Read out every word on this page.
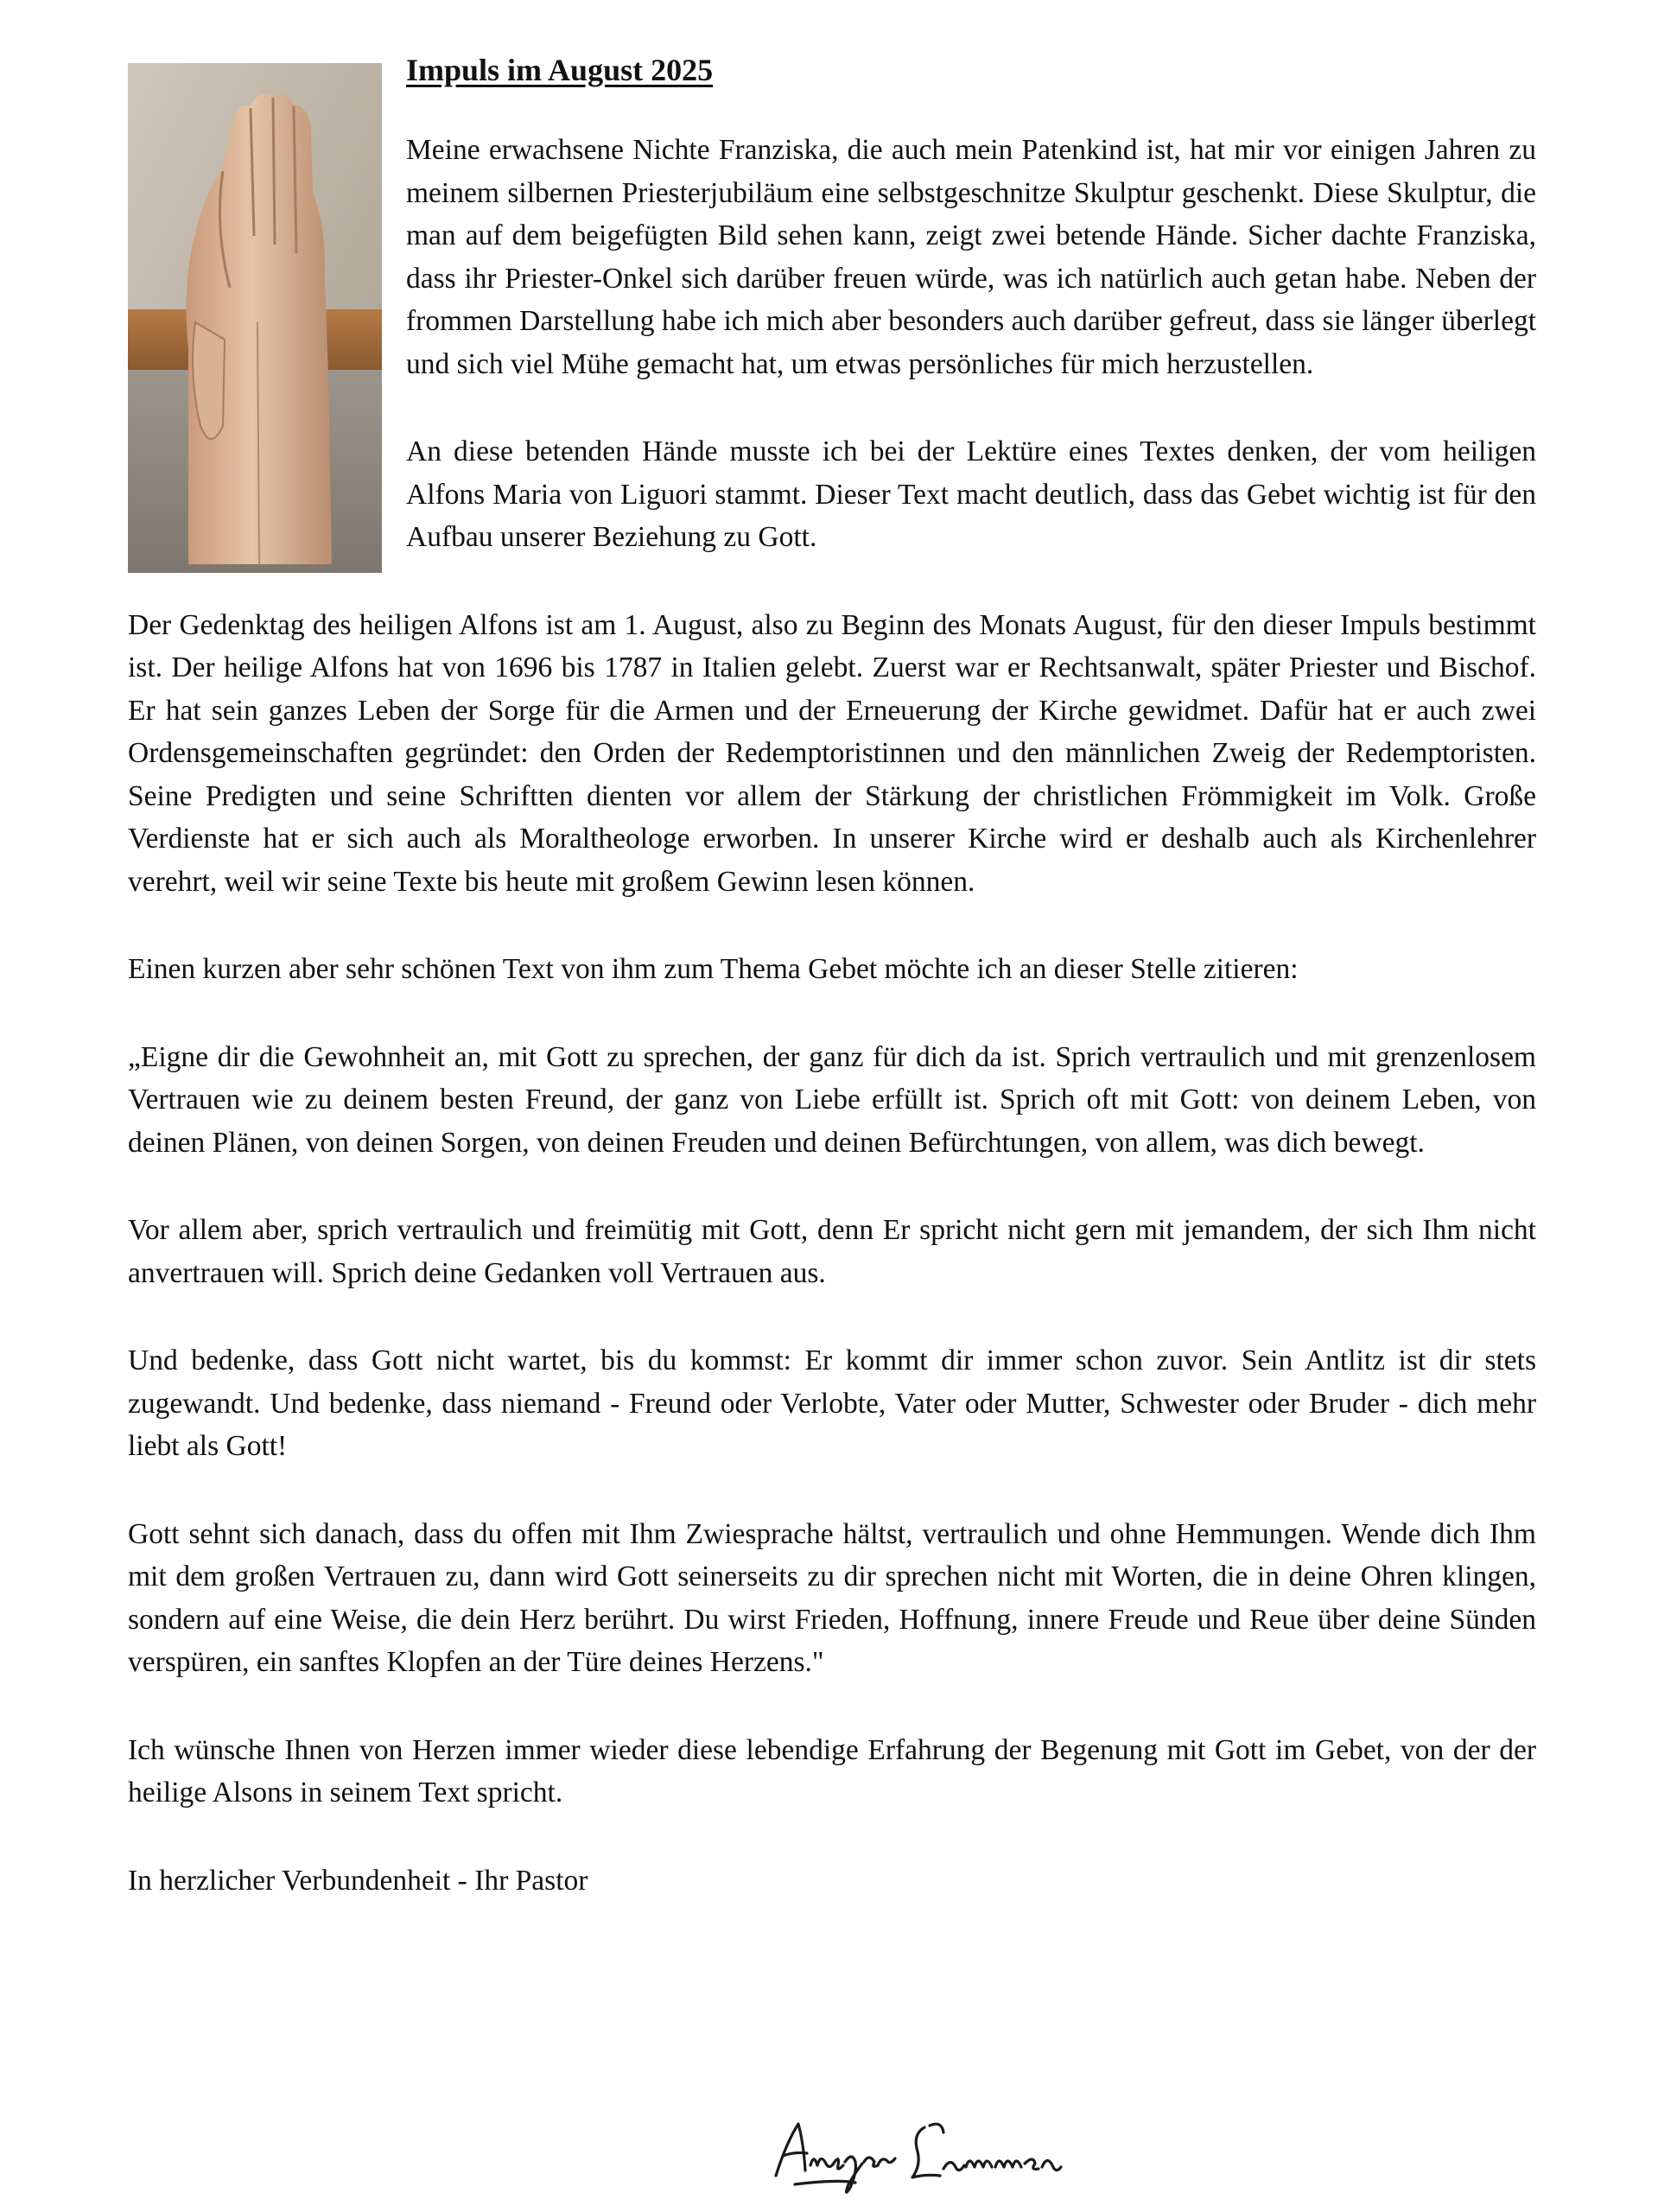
Impuls im August 2025

Meine erwachsene Nichte Franziska, die auch mein Patenkind ist, hat mir vor einigen Jahren zu meinem silbernen Priesterjubiläum eine selbstgeschnitze Skulptur geschenkt. Diese Skulptur, die man auf dem beigefügten Bild sehen kann, zeigt zwei betende Hände. Sicher dachte Franziska, dass ihr Priester-Onkel sich darüber freuen würde, was ich natürlich auch getan habe. Neben der frommen Darstellung habe ich mich aber besonders auch darüber gefreut, dass sie länger überlegt und sich viel Mühe gemacht hat, um etwas persönliches für mich herzustellen.

An diese betenden Hände musste ich bei der Lektüre eines Textes denken, der vom heiligen Alfons Maria von Liguori stammt. Dieser Text macht deutlich, dass das Gebet wichtig ist für den Aufbau unserer Beziehung zu Gott.

Der Gedenktag des heiligen Alfons ist am 1. August, also zu Beginn des Monats August, für den dieser Impuls bestimmt ist. Der heilige Alfons hat von 1696 bis 1787 in Italien gelebt. Zuerst war er Rechtsanwalt, später Priester und Bischof. Er hat sein ganzes Leben der Sorge für die Armen und der Erneuerung der Kirche gewidmet. Dafür hat er auch zwei Ordensgemeinschaften gegründet: den Orden der Redemptoristinnen und den männlichen Zweig der Redemptoristen. Seine Predigten und seine Schriftten dienten vor allem der Stärkung der christlichen Frömmigkeit im Volk. Große Verdienste hat er sich auch als Moraltheologe erworben. In unserer Kirche wird er deshalb auch als Kirchenlehrer verehrt, weil wir seine Texte bis heute mit großem Gewinn lesen können.

Einen kurzen aber sehr schönen Text von ihm zum Thema Gebet möchte ich an dieser Stelle zitieren:

„Eigne dir die Gewohnheit an, mit Gott zu sprechen, der ganz für dich da ist. Sprich vertraulich und mit grenzenlosem Vertrauen wie zu deinem besten Freund, der ganz von Liebe erfüllt ist. Sprich oft mit Gott: von deinem Leben, von deinen Plänen, von deinen Sorgen, von deinen Freuden und deinen Befürchtungen, von allem, was dich bewegt.

Vor allem aber, sprich vertraulich und freimütig mit Gott, denn Er spricht nicht gern mit jemandem, der sich Ihm nicht anvertrauen will. Sprich deine Gedanken voll Vertrauen aus.

Und bedenke, dass Gott nicht wartet, bis du kommst: Er kommt dir immer schon zuvor. Sein Antlitz ist dir stets zugewandt. Und bedenke, dass niemand - Freund oder Verlobte, Vater oder Mutter, Schwester oder Bruder - dich mehr liebt als Gott!

Gott sehnt sich danach, dass du offen mit Ihm Zwiesprache hältst, vertraulich und ohne Hemmungen. Wende dich Ihm mit dem großen Vertrauen zu, dann wird Gott seinerseits zu dir sprechen nicht mit Worten, die in deine Ohren klingen, sondern auf eine Weise, die dein Herz berührt. Du wirst Frieden, Hoffnung, innere Freude und Reue über deine Sünden verspüren, ein sanftes Klopfen an der Türe deines Herzens."

Ich wünsche Ihnen von Herzen immer wieder diese lebendige Erfahrung der Begenung mit Gott im Gebet, von der der heilige Alsons in seinem Text spricht.

In herzlicher Verbundenheit - Ihr Pastor
